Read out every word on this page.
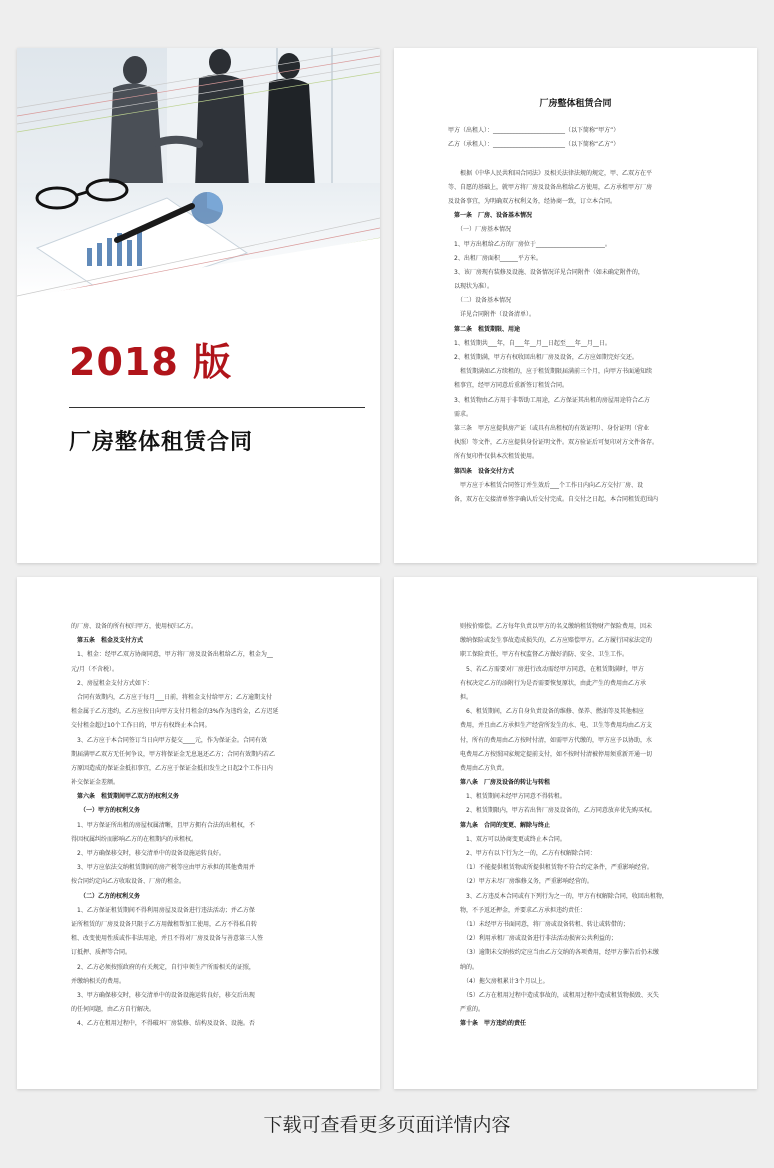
2018 版
厂房整体租赁合同
厂房整体租赁合同
甲方（出租人）：________________________（以下简称“甲方”）
乙方（承租人）：________________________（以下简称“乙方”）
　　根据《中华人民共和国合同法》及相关法律法规的规定，甲、乙双方在平
等、自愿的基础上，就甲方将厂房及设备出租给乙方使用，乙方承租甲方厂房
及设备事宜，为明确双方权利义务，经协商一致，订立本合同。
　第一条　厂房、设备基本情况
　　（一）厂房基本情况
　1、甲方出租给乙方的厂房位于_______________________。
　2、出租厂房面积______平方米。
　3、该厂房现有装修及设施、设备情况详见合同附件（如未确定附件的，
　以现状为准）。
　　（二）设备基本情况
　　详见合同附件（设备清单）。
　第二条　租赁期限、用途
　1、租赁期共___年，自___年__月__日起至___年__月__日。
　2、租赁期满，甲方有权收回出租厂房及设备，乙方应如期完好交还。
　　租赁期满如乙方续租的，应于租赁期限届满前三个月，向甲方书面通知续
　租事宜，经甲方同意后重新签订租赁合同。
　3、租赁物由乙方用于非帮助工用途，乙方保证其出租的房屋用途符合乙方
　需求。
　第三条　甲方应提供房产证（或具有出租权的有效证明）、身份证明（营业
　执照）等文件，乙方应提供身份证明文件。双方验证后可复印对方文件备存。
　所有复印件仅供本次租赁使用。
　第四条　设备交付方式
　　甲方应于本租赁合同签订并生效后___个工作日内向乙方交付厂房、设
　备，双方在交接清单签字确认后交付完成。自交付之日起，本合同租赁范围内
的厂房、设备的所有权归甲方，使用权归乙方。
　第五条　租金及支付方式
　1、租金：经甲乙双方协商同意，甲方将厂房及设备出租给乙方，租金为__
元/月（不含税）。
　2、房屋租金支付方式如下：
　合同有效期内，乙方应于每月___日前，将租金支付给甲方；乙方逾期支付
租金属于乙方违约，乙方应按日向甲方支付月租金的3%作为违约金，乙方迟延
交付租金超过10个工作日的，甲方有权终止本合同。
　3、乙方应于本合同签订当日向甲方提交____元，作为保证金。合同有效
期届满甲乙双方无任何争议，甲方将保证金无息退还乙方；合同有效期内若乙
方原因造成的保证金抵扣事宜，乙方应于保证金抵扣发生之日起2个工作日内
补交保证金差额。
　第六条　租赁期间甲乙双方的权利义务
　　（一）甲方的权利义务
　1、甲方保证所出租的房屋权属清晰，且甲方拥有合法的出租权，不
得因权属纠纷而影响乙方的在租期内的承租权。
　2、甲方确保移交时，移交清单中的设备设施运转良好。
　3、甲方应依法交纳租赁期间的房产税等应由甲方承担的其他费用并
按合同约定向乙方收取设备、厂房的租金。
　　（二）乙方的权利义务
　1、乙方保证租赁期间不得利用房屋及设备进行违法活动；并乙方保
证所租赁的厂房及设备只限于乙方用做租帮加工使用，乙方不得私自转
租、改变使用性质或作非法用途，并且不得对厂房及设备与善意第三人签
订抵押、质押等合同。
　2、乙方必须按照政府的有关规定，自行申领生产所需相关的证照，
并缴纳相关的费用。
　3、甲方确保移交时，移交清单中的设备设施运转良好，移交后出现
的任何问题，由乙方自行解决。
　4、乙方在租用过程中，不得破坏厂房装修、结构及设备、设施。否
则按价赔偿。乙方每年负责以甲方的名义缴纳租赁物财产保险费用，因未
缴纳保险或发生事故造成损失的，乙方应赔偿甲方。乙方履行国家法定的
职工保险责任，甲方有权监督乙方做好消防、安全、卫生工作。
　5、若乙方需要对厂房进行改动需经甲方同意，在租赁期满时，甲方
有权决定乙方的添附行为是否需要恢复原状，由此产生的费用由乙方承
担。
　6、租赁期间，乙方自身负责设备的维修、保养、燃油等及其他相应
费用，并且由乙方承担生产经营所发生的水、电、卫生等费用均由乙方支
付，所有的费用由乙方按时付清，如需甲方代缴的，甲方应予以协助，水
电费用乙方按照国家规定提前支付，如不按时付清被停用须重新开通一切
费用由乙方负责。
第八条　厂房及设备的转让与转租
　1、租赁期间未经甲方同意不得转租。
　2、租赁期限内，甲方若出售厂房及设备的，乙方同意放弃优先购买权。
第九条　合同的变更、解除与终止
　1、双方可以协商变更或终止本合同。
　2、甲方有以下行为之一的，乙方有权解除合同：
　（1）不能提供租赁物或所提供租赁物不符合约定条件，严重影响经营。
　（2）甲方未尽厂房维修义务，严重影响经营的。
　3、乙方违反本合同或有下列行为之一的，甲方有权解除合同，收回出租物，
物，不予返还押金，并要求乙方承担违约责任：
　（1）未经甲方书面同意，将厂房或设备转租、转让或转借的；
　（2）利用承租厂房或设备进行非法活动损害公共利益的；
　（3）逾期未交纳按约定应当由乙方交纳的各项费用，经甲方催告后仍未缴
纳的。
　（4）拖欠房租累计3个月以上。
　（5）乙方在租用过程中造成事故的，或租用过程中造成租赁物损毁、灭失
严重的。
第十条　甲方违约的责任
下载可查看更多页面详情内容
